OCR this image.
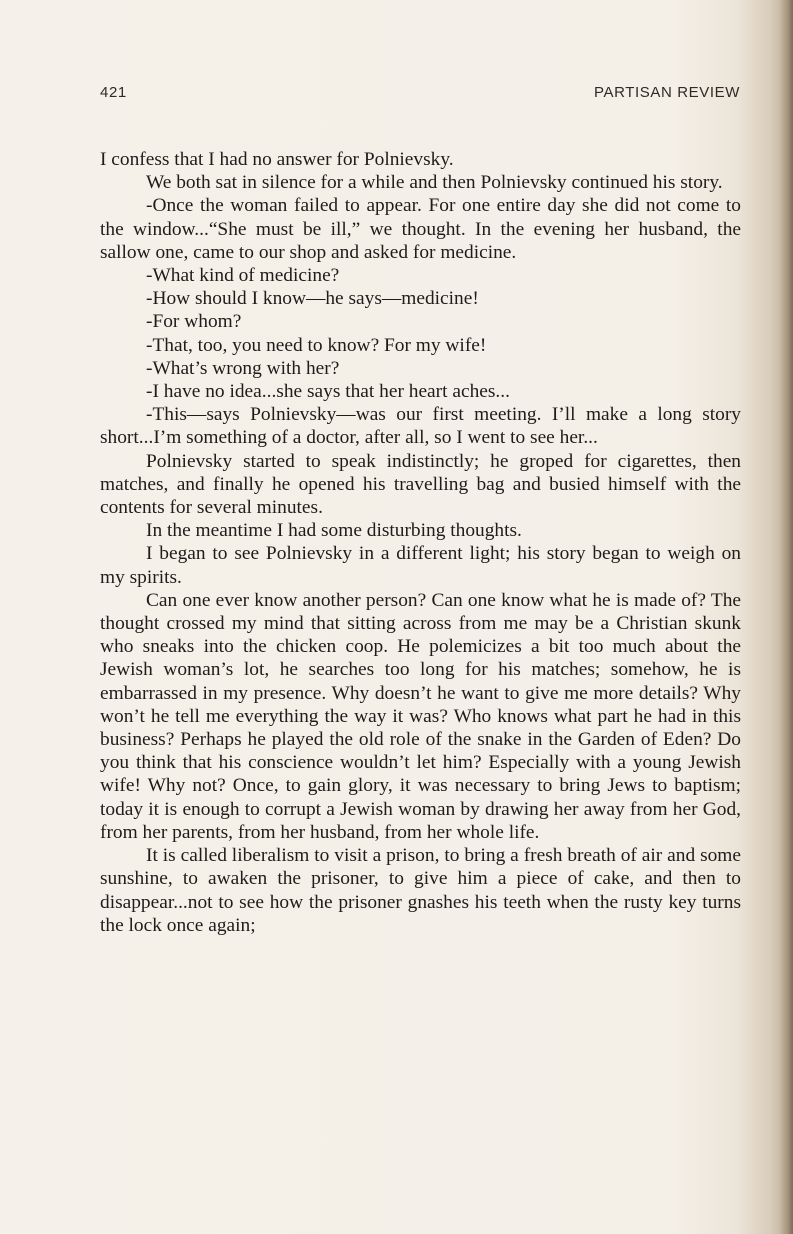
421	PARTISAN REVIEW

I confess that I had no answer for Polnievsky.

We both sat in silence for a while and then Polnievsky continued his story.

-Once the woman failed to appear. For one entire day she did not come to the window...“She must be ill,” we thought. In the evening her husband, the sallow one, came to our shop and asked for medicine.

-What kind of medicine?

-How should I know—he says—medicine!

-For whom?

-That, too, you need to know? For my wife!

-What’s wrong with her?

-I have no idea...she says that her heart aches...

-This—says Polnievsky—was our first meeting. I’ll make a long story short...I’m something of a doctor, after all, so I went to see her...

Polnievsky started to speak indistinctly; he groped for cigarettes, then matches, and finally he opened his travelling bag and busied himself with the contents for several minutes.

In the meantime I had some disturbing thoughts.

I began to see Polnievsky in a different light; his story began to weigh on my spirits.

Can one ever know another person? Can one know what he is made of? The thought crossed my mind that sitting across from me may be a Christian skunk who sneaks into the chicken coop. He polemicizes a bit too much about the Jewish woman’s lot, he searches too long for his matches; somehow, he is embarrassed in my presence. Why doesn’t he want to give me more details? Why won’t he tell me everything the way it was? Who knows what part he had in this business? Perhaps he played the old role of the snake in the Garden of Eden? Do you think that his conscience wouldn’t let him? Especially with a young Jewish wife! Why not? Once, to gain glory, it was necessary to bring Jews to baptism; today it is enough to corrupt a Jewish woman by drawing her away from her God, from her parents, from her husband, from her whole life.

It is called liberalism to visit a prison, to bring a fresh breath of air and some sunshine, to awaken the prisoner, to give him a piece of cake, and then to disappear...not to see how the prisoner gnashes his teeth when the rusty key turns the lock once again;
